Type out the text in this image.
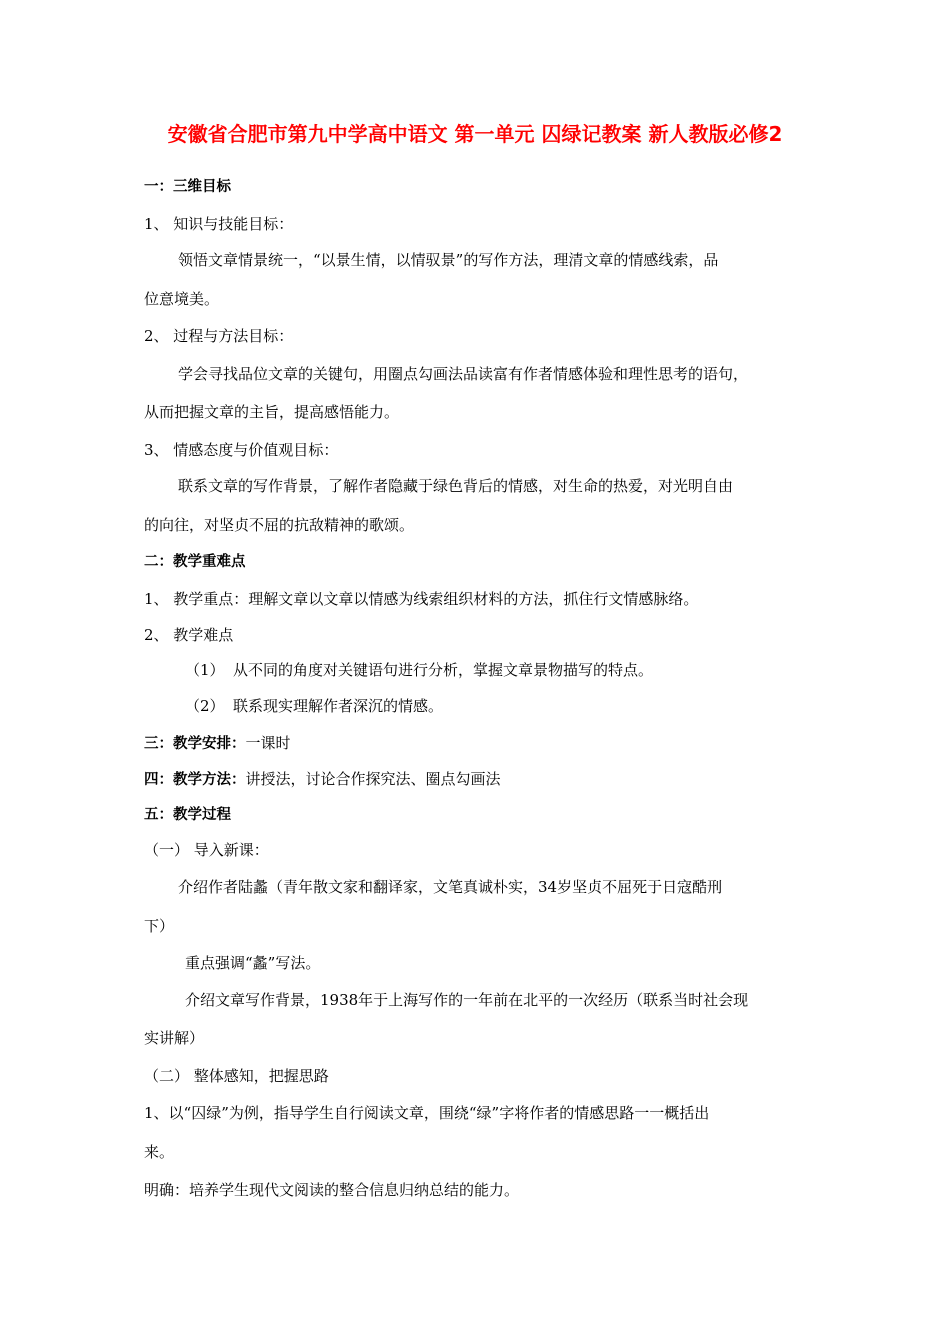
安徽省合肥市第九中学高中语文 第一单元 囚绿记教案 新人教版必修2
一：三维目标
1、 知识与技能目标：
领悟文章情景统一，“以景生情，以情驭景”的写作方法，理清文章的情感线索，品
位意境美。
2、 过程与方法目标：
学会寻找品位文章的关键句，用圈点勾画法品读富有作者情感体验和理性思考的语句，
从而把握文章的主旨，提高感悟能力。
3、 情感态度与价值观目标：
联系文章的写作背景，了解作者隐藏于绿色背后的情感，对生命的热爱，对光明自由
的向往，对坚贞不屈的抗敌精神的歌颂。
二：教学重难点
1、 教学重点：理解文章以文章以情感为线索组织材料的方法，抓住行文情感脉络。
2、 教学难点
（1） 从不同的角度对关键语句进行分析，掌握文章景物描写的特点。
（2） 联系现实理解作者深沉的情感。
三：教学安排：一课时
四：教学方法：讲授法，讨论合作探究法、圈点勾画法
五：教学过程
（一） 导入新课：
介绍作者陆蠡（青年散文家和翻译家，文笔真诚朴实，34岁坚贞不屈死于日寇酷刑
下）
重点强调“蠡”写法。
介绍文章写作背景，1938年于上海写作的一年前在北平的一次经历（联系当时社会现
实讲解）
（二） 整体感知，把握思路
1、以“囚绿”为例，指导学生自行阅读文章，围绕“绿”字将作者的情感思路一一概括出
来。
明确：培养学生现代文阅读的整合信息归纳总结的能力。
